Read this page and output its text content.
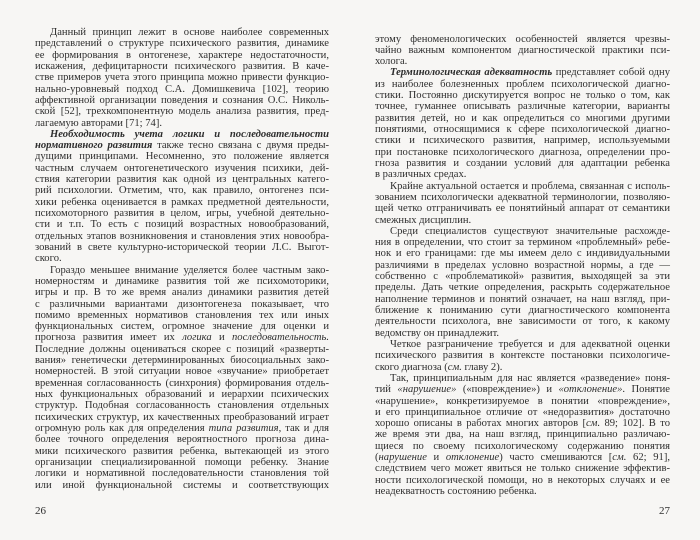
Данный принцип лежит в основе наиболее современных
представлений о структуре психического развития, динамике
ее формирования в онтогенезе, характере недостаточности,
искажения, дефицитарности психического развития. В каче-
стве примеров учета этого принципа можно привести функцио-
нально-уровневый подход С.А. Домишкевича [102], теорию
аффективной организации поведения и сознания О.С. Николь-
ской [52], трехкомпонентную модель анализа развития, пред-
лагаемую авторами [71; 74].
Необходимость учета логики и последовательности
нормативного развития также тесно связана с двумя преды-
дущими принципами. Несомненно, это положение является
частным случаем онтогенетического изучения психики, дей-
ствия категории развития как одной из центральных катего-
рий психологии. Отметим, что, как правило, онтогенез пси-
хики ребенка оценивается в рамках предметной деятельности,
психомоторного развития в целом, игры, учебной деятельно-
сти и т.п. То есть с позиций возрастных новообразований,
отдельных этапов возникновения и становления этих новообра-
зований в свете культурно-исторической теории Л.С. Выгот-
ского.
Гораздо меньшее внимание уделяется более частным зако-
номерностям и динамике развития той же психомоторики,
игры и пр. В то же время анализ динамики развития детей
с различными вариантами дизонтогенеза показывает, что
помимо временных нормативов становления тех или иных
функциональных систем, огромное значение для оценки и
прогноза развития имеет их логика и последовательность.
Последние должны оцениваться скорее с позиций «разверты-
вания» генетически детерминированных биосоциальных зако-
номерностей. В этой ситуации новое «звучание» приобретает
временная согласованность (синхрония) формирования отдель-
ных функциональных образований и иерархии психических
структур. Подобная согласованность становления отдельных
психических структур, их качественных преобразований играет
огромную роль как для определения типа развития, так и для
более точного определения вероятностного прогноза дина-
мики психического развития ребенка, вытекающей из этого
организации специализированной помощи ребенку. Знание
логики и нормативной последовательности становления той
или иной функциональной системы и соответствующих
26
этому феноменологических особенностей является чрезвы-
чайно важным компонентом диагностической практики пси-
холога.
Терминологическая адекватность представляет собой одну
из наиболее болезненных проблем психологической диагно-
стики. Постоянно дискутируется вопрос не только о том, как
точнее, гуманнее описывать различные категории, варианты
развития детей, но и как определиться со многими другими
понятиями, относящимися к сфере психологической диагно-
стики и психического развития, например, используемыми
при постановке психологического диагноза, определении про-
гноза развития и создании условий для адаптации ребенка
в различных средах.
Крайне актуальной остается и проблема, связанная с исполь-
зованием психологически адекватной терминологии, позволяю-
щей четко отграничивать ее понятийный аппарат от семантики
смежных дисциплин.
Среди специалистов существуют значительные расхожде-
ния в определении, что стоит за термином «проблемный» ребе-
нок и его границами: где мы имеем дело с индивидуальными
различиями в пределах условно возрастной нормы, а где —
собственно с «проблематикой» развития, выходящей за эти
пределы. Дать четкие определения, раскрыть содержательное
наполнение терминов и понятий означает, на наш взгляд, при-
ближение к пониманию сути диагностического компонента
деятельности психолога, вне зависимости от того, к какому
ведомству он принадлежит.
Четкое разграничение требуется и для адекватной оценки
психического развития в контексте постановки психологиче-
ского диагноза (см. главу 2).
Так, принципиальным для нас является «разведение» поня-
тий «нарушение» («повреждение») и «отклонение». Понятие
«нарушение», конкретизируемое в понятии «повреждение»,
и его принципиальное отличие от «недоразвития» достаточно
хорошо описаны в работах многих авторов [см. 89; 102]. В то
же время эти два, на наш взгляд, принципиально различаю-
щиеся по своему психологическому содержанию понятия
(нарушение и отклонение) часто смешиваются [см. 62; 91],
следствием чего может явиться не только снижение эффектив-
ности психологической помощи, но в некоторых случаях и ее
неадекватность состоянию ребенка.
27
